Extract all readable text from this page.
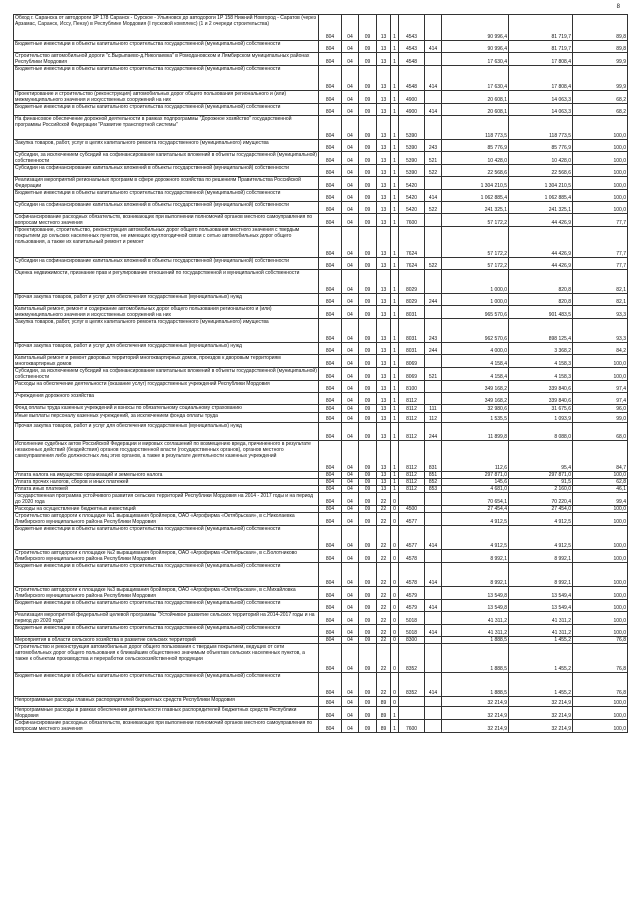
8
Обход г. Саранска от автодороги 1Р 178 Саранск - Сурское - Ульяновск до автодороги 1Р 158 Нижний Новгород - Саратов (через Арзамас, Саранск, Иссу, Пензу) в Республике Мордовия (I пусковой комплекс) (1 и 2 очереди строительства)	804	04	09	13	1	4543		90 996,4	81 719,7	89,8
Бюджетные инвестиции в объекты капитального строительства государственной (муниципальной) собственности	804	04	09	13	1	4543	414	90 996,4	81 719,7	89,8
Строительство автомобильной дороги "с.Вырыпаево-д.Николаевка" в Ромодановском и Лямбирском муниципальных районах Республики Мордовия	804	04	09	13	1	4548		17 630,4	17 808,4	99,9
Бюджетные инвестиции в объекты капитального строительства государственной (муниципальной) собственности	804	04	09	13	1	4548	414	17 630,4	17 808,4	99,9
Проектирование и строительство (реконструкция) автомобильных дорог общего пользования регионального и (или) межмуниципального значения и искусственных сооружений на них	804	04	09	13	1	4900		20 608,1	14 063,3	68,2
Бюджетные инвестиции в объекты капитального строительства государственной (муниципальной) собственности	804	04	09	13	1	4900	414	20 608,1	14 063,3	68,2
На финансовое обеспечение дорожной деятельности в рамках подпрограммы "Дорожное хозяйство" государственной программы Российской Федерации "Развитие транспортной системы"	804	04	09	13	1	5390		118 773,5	118 773,5	100,0
Закупка товаров, работ, услуг в целях капитального ремонта государственного (муниципального) имущества	804	04	09	13	1	5390	243	85 776,9	85 776,9	100,0
Субсидии, за исключением субсидий на софинансирование капитальных вложений в объекты государственной (муниципальной) собственности	804	04	09	13	1	5390	521	10 428,0	10 428,0	100,0
Субсидии на софинансирование капитальных вложений в объекты государственной (муниципальной) собственности	804	04	09	13	1	5390	522	22 568,6	22 568,6	100,0
Реализация мероприятий региональных программ в сфере дорожного хозяйства по решениям Правительства Российской Федерации	804	04	09	13	1	5420		1 304 210,5	1 304 210,5	100,0
Бюджетные инвестиции в объекты капитального строительства государственной (муниципальной) собственности	804	04	09	13	1	5420	414	1 062 885,4	1 062 885,4	100,0
Субсидии на софинансирование капитальных вложений в объекты государственной (муниципальной) собственности	804	04	09	13	1	5420	522	241 325,1	241 325,1	100,0
Софинансирование расходных обязательств, возникающих при выполнении полномочий органов местного самоуправления по вопросам местного значения	804	04	09	13	1	7600		57 172,2	44 426,9	77,7
Проектирование, строительство, реконструкция автомобильных дорог общего пользования местного значения с твердым покрытием до сельских населенных пунктов, не имеющих круглогодичной связи с сетью автомобильных дорог общего пользования, а также их капитальный ремонт и ремонт	804	04	09	13	1	7624		57 172,2	44 426,9	77,7
Субсидии на софинансирование капитальных вложений в объекты государственной (муниципальной) собственности	804	04	09	13	1	7624	522	57 172,2	44 426,9	77,7
Оценка недвижимости, признание прав и регулирование отношений по государственной и муниципальной собственности	804	04	09	13	1	8029		1 000,0	820,8	82,1
Прочая закупка товаров, работ и услуг для обеспечения государственных (муниципальных) нужд	804	04	09	13	1	8029	244	1 000,0	820,8	82,1
Капитальный ремонт, ремонт и содержание автомобильных дорог общего пользования регионального и (или) межмуниципального значения и искусственных сооружений на них	804	04	09	13	1	8031		965 570,6	901 483,5	93,3
Закупка товаров, работ, услуг в целях капитального ремонта государственного (муниципального) имущества	804	04	09	13	1	8031	243	962 570,6	898 125,4	93,3
Прочая закупка товаров, работ и услуг для обеспечения государственных (муниципальных) нужд	804	04	09	13	1	8031	244	4 000,0	3 368,2	84,2
Капитальный ремонт и ремонт дворовых территорий многоквартирных домов, проездов к дворовым территориям многоквартирных домов	804	04	09	13	1	8069		4 158,4	4 158,3	100,0
Субсидии, за исключением субсидий на софинансирование капитальных вложений в объекты государственной (муниципальной) собственности	804	04	09	13	1	8069	521	4 158,4	4 158,3	100,0
Расходы на обеспечение деятельности (оказание услуг) государственных учреждений Республики Мордовия	804	04	09	13	1	8100		349 168,2	339 840,6	97,4
Учреждения дорожного хозяйства	804	04	09	13	1	8112		349 168,2	339 840,6	97,4
Фонд оплаты труда казенных учреждений и взносы по обязательному социальному страхованию	804	04	09	13	1	8112	111	32 980,6	31 675,6	96,0
Иные выплаты персоналу казенных учреждений, за исключением фонда оплаты труда	804	04	09	13	1	8112	112	1 535,5	1 093,9	99,0
Прочая закупка товаров, работ и услуг для обеспечения государственных (муниципальных) нужд	804	04	09	13	1	8112	244	11 899,8	8 088,0	68,0
Исполнение судебных актов Российской Федерации и мировых соглашений по возмещению вреда, причиненного в результате незаконных действий (бездействия) органов государственной власти (государственных органов), органов местного самоуправления либо должностных лиц этих органов, а также в результате деятельности казенных учреждений	804	04	09	13	1	8112	831	112,6	95,4	84,7
Уплата налога на имущество организаций и земельного налога	804	04	09	13	1	8112	851	297 871,0	297 871,0	100,0
Уплата прочих налогов, сборов и иных платежей	804	04	09	13	1	8112	852	145,6	91,5	62,8
Уплата иных платежей	804	04	09	13	1	8112	853	4 681,0	2 160,0	46,1
Государственная программа устойчивого развития сельских территорий Республики Мордовия на 2014 - 2017 годы и на период до 2020 года	804	04	09	22	0			70 654,1	70 220,4	99,4
Расходы на осуществление бюджетных инвестиций	804	04	09	22	0	4500		27 454,4	27 454,0	100,0
Строительство автодороги к площадке №1 выращивания бройлеров, ОАО «Агрофирма «Октябрьская», в с.Николаевка Лямбирского муниципального района Республики Мордовия	804	04	09	22	0	4577		4 912,5	4 912,5	100,0
Бюджетные инвестиции в объекты капитального строительства государственной (муниципальной) собственности	804	04	09	22	0	4577	414	4 912,5	4 912,5	100,0
Строительство автодороги к площадке №2 выращивания бройлеров, ОАО «Агрофирма «Октябрьская», в с.Болотниково Лямбирского муниципального района Республики Мордовия	804	04	09	22	0	4578		8 992,1	8 992,1	100,0
Бюджетные инвестиции в объекты капитального строительства государственной (муниципальной) собственности	804	04	09	22	0	4578	414	8 992,1	8 992,1	100,0
Строительство автодороги к площадке №3 выращивания бройлеров, ОАО «Агрофирма «Октябрьская», в с.Михайловка Лямбирского муниципального района Республики Мордовия	804	04	09	22	0	4579		13 549,8	13 549,4	100,0
Бюджетные инвестиции в объекты капитального строительства государственной (муниципальной) собственности	804	04	09	22	0	4579	414	13 549,8	13 549,4	100,0
Реализация мероприятий федеральной целевой программы "Устойчивое развитие сельских территорий на 2014-2017 годы и на период до 2020 года"	804	04	09	22	0	5018		41 311,2	41 311,2	100,0
Бюджетные инвестиции в объекты капитального строительства государственной (муниципальной) собственности	804	04	09	22	0	5018	414	41 311,2	41 311,2	100,0
Мероприятия в области сельского хозяйства в развитие сельских территорий	804	04	09	22	0	8300		1 888,5	1 455,2	76,8
Строительство и реконструкция автомобильных дорог общего пользования с твердым покрытием, ведущих от сети автомобильных дорог общего пользования к ближайшим общественно значимым объектам сельских населенных пунктов, а также к объектам производства и переработки сельскохозяйственной продукции	804	04	09	22	0	8352		1 888,5	1 455,2	76,8
Бюджетные инвестиции в объекты капитального строительства государственной (муниципальной) собственности	804	04	09	22	0	8352	414	1 888,5	1 455,2	76,8
Непрограммные расходы главных распорядителей бюджетных средств Республики Мордовия	804	04	09	89	0			32 214,9	32 214,9	100,0
Непрограммные расходы в рамках обеспечения деятельности главных распорядителей бюджетных средств Республики Мордовия	804	04	09	89	1			32 214,9	32 214,9	100,0
Софинансирование расходных обязательств, возникающих при выполнении полномочий органов местного самоуправления по вопросам местного значения	804	04	09	89	1	7600		32 214,9	32 214,9	100,0
